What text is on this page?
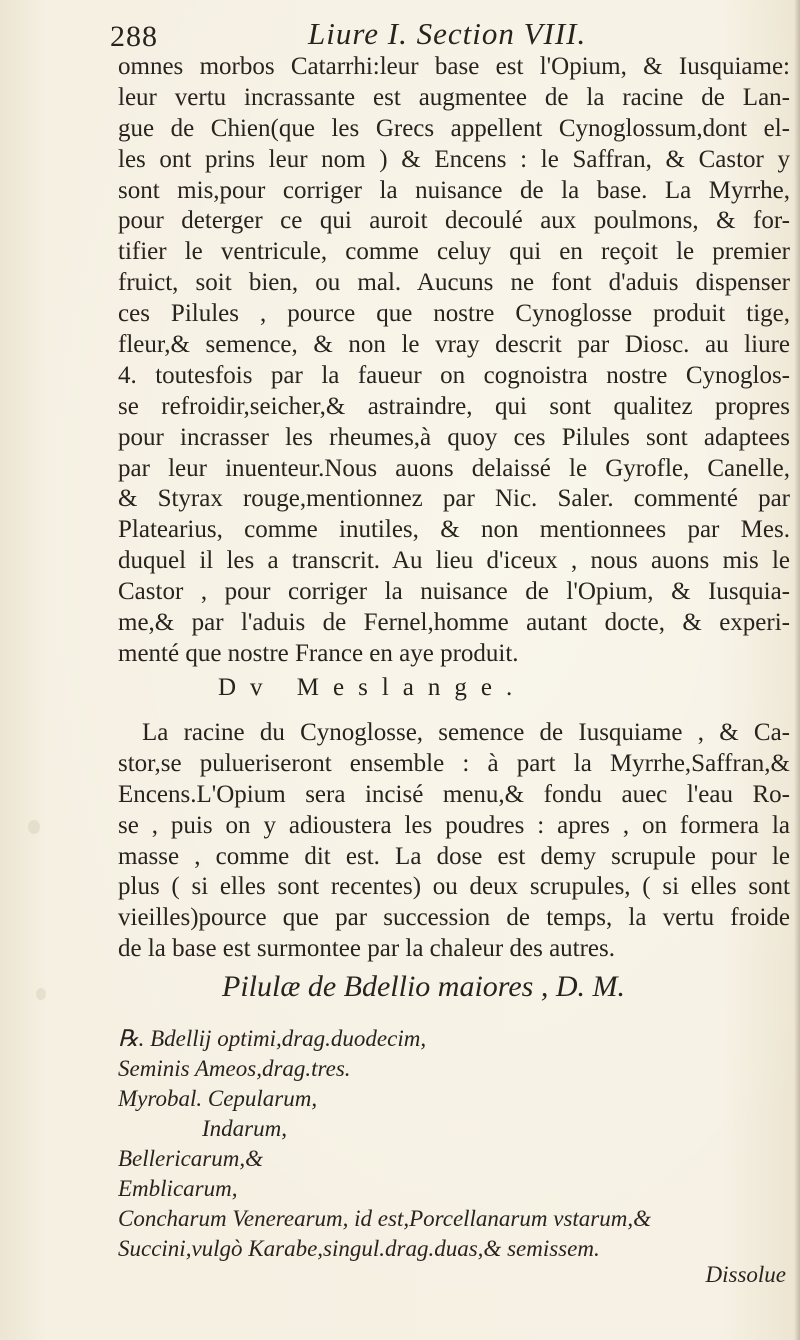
288	Liure I. Section VIII.
omnes morbos Catarrhi:leur base est l'Opium, & Iusquiame:
leur vertu incrassante est augmentee de la racine de Lan-
gue de Chien(que les Grecs appellent Cynoglossum,dont el-
les ont prins leur nom ) & Encens : le Saffran, & Castor y
sont mis,pour corriger la nuisance de la base. La Myrrhe,
pour deterger ce qui auroit decoulé aux poulmons, & for-
tifier le ventricule, comme celuy qui en reçoit le premier
fruict, soit bien, ou mal. Aucuns ne font d'aduis dispenser
ces Pilules , pource que nostre Cynoglosse produit tige,
fleur,& semence, & non le vray descrit par Diosc. au liure
4. toutesfois par la faueur on cognoistra nostre Cynoglos-
se refroidir,seicher,& astraindre, qui sont qualitez propres
pour incrasser les rheumes,à quoy ces Pilules sont adaptees
par leur inuenteur.Nous auons delaissé le Gyrofle, Canelle,
& Styrax rouge,mentionnez par Nic. Saler. commenté par
Platearius, comme inutiles, & non mentionnees par Mes.
duquel il les a transcrit. Au lieu d'iceux , nous auons mis le
Castor , pour corriger la nuisance de l'Opium, & Iusquia-
me,& par l'aduis de Fernel,homme autant docte, & experi-
menté que nostre France en aye produit.
Dv Meslange.
La racine du Cynoglosse, semence de Iusquiame , & Ca-
stor,se pulueriseront ensemble : à part la Myrrhe,Saffran,&
Encens.L'Opium sera incisé menu,& fondu auec l'eau Ro-
se , puis on y adioustera les poudres : apres , on formera la
masse , comme dit est. La dose est demy scrupule pour le
plus ( si elles sont recentes) ou deux scrupules, ( si elles sont
vieilles)pource que par succession de temps, la vertu froide
de la base est surmontee par la chaleur des autres.
Pilulæ de Bdellio maiores , D. M.
℞. Bdellij optimi,drag.duodecim,
Seminis Ameos,drag.tres.
Myrobal. Cepularum,
Indarum,
Bellericarum,&
Emblicarum,
Concharum Venerearum, id est,Porcellanarum vstarum,&
Succini,vulgò Karabe,singul.drag.duas,& semissem.
Dissolue
